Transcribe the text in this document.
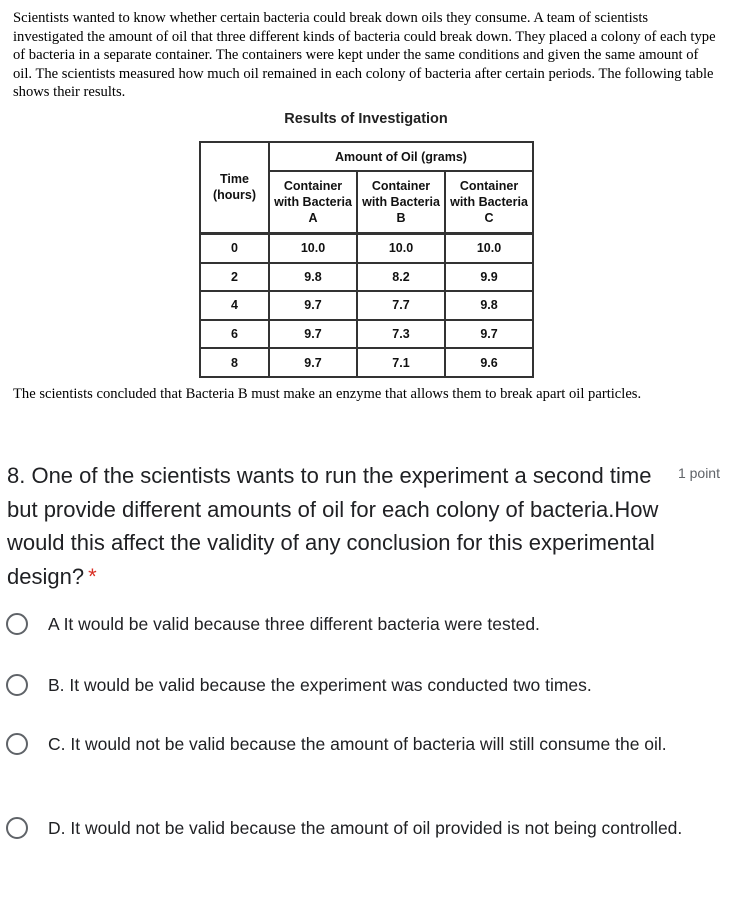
Scientists wanted to know whether certain bacteria could break down oils they consume. A team of scientists investigated the amount of oil that three different kinds of bacteria could break down. They placed a colony of each type of bacteria in a separate container. The containers were kept under the same conditions and given the same amount of oil. The scientists measured how much oil remained in each colony of bacteria after certain periods. The following table shows their results.
Results of Investigation
Time (hours)	Amount of Oil (grams)		
	Container with Bacteria A	Container with Bacteria B	Container with Bacteria C
0	10.0	10.0	10.0
2	9.8	8.2	9.9
4	9.7	7.7	9.8
6	9.7	7.3	9.7
8	9.7	7.1	9.6
The scientists concluded that Bacteria B must make an enzyme that allows them to break apart oil particles.
8. One of the scientists wants to run the experiment a second time but provide different amounts of oil for each colony of bacteria.How would this affect the validity of any conclusion for this experimental design? *
1 point
A It would be valid because three different bacteria were tested.
B. It would be valid because the experiment was conducted two times.
C. It would not be valid because the amount of bacteria will still consume the oil.
D. It would not be valid because the amount of oil provided is not being controlled.
